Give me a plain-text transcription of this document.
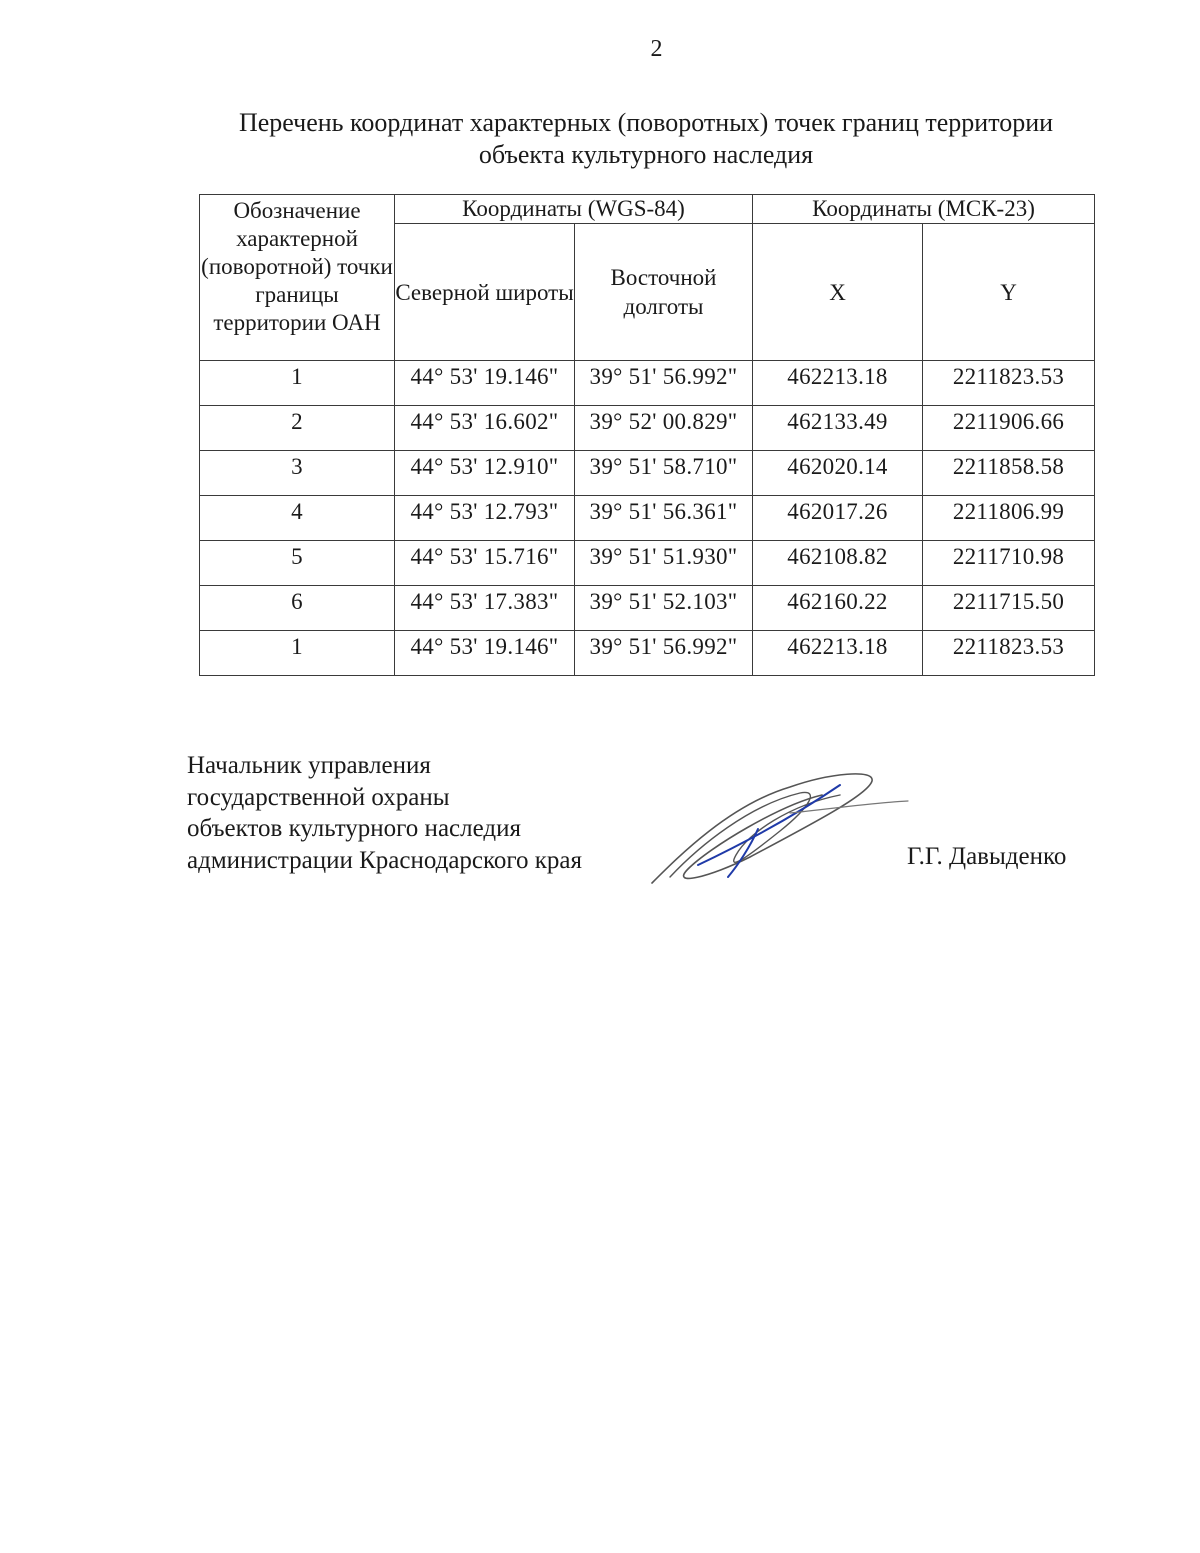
2
Перечень координат характерных (поворотных) точек границ территории
объекта культурного наследия
Обозначение характерной (поворотной) точки границы территории ОАН	Координаты (WGS-84)		Координаты (МСК-23)	
	Северной широты	Восточной долготы	X	Y
1	44° 53' 19.146"	39° 51' 56.992"	462213.18	2211823.53
2	44° 53' 16.602"	39° 52' 00.829"	462133.49	2211906.66
3	44° 53' 12.910"	39° 51' 58.710"	462020.14	2211858.58
4	44° 53' 12.793"	39° 51' 56.361"	462017.26	2211806.99
5	44° 53' 15.716"	39° 51' 51.930"	462108.82	2211710.98
6	44° 53' 17.383"	39° 51' 52.103"	462160.22	2211715.50
1	44° 53' 19.146"	39° 51' 56.992"	462213.18	2211823.53
Начальник управления
государственной охраны
объектов культурного наследия
администрации Краснодарского края	Г.Г. Давыденко
